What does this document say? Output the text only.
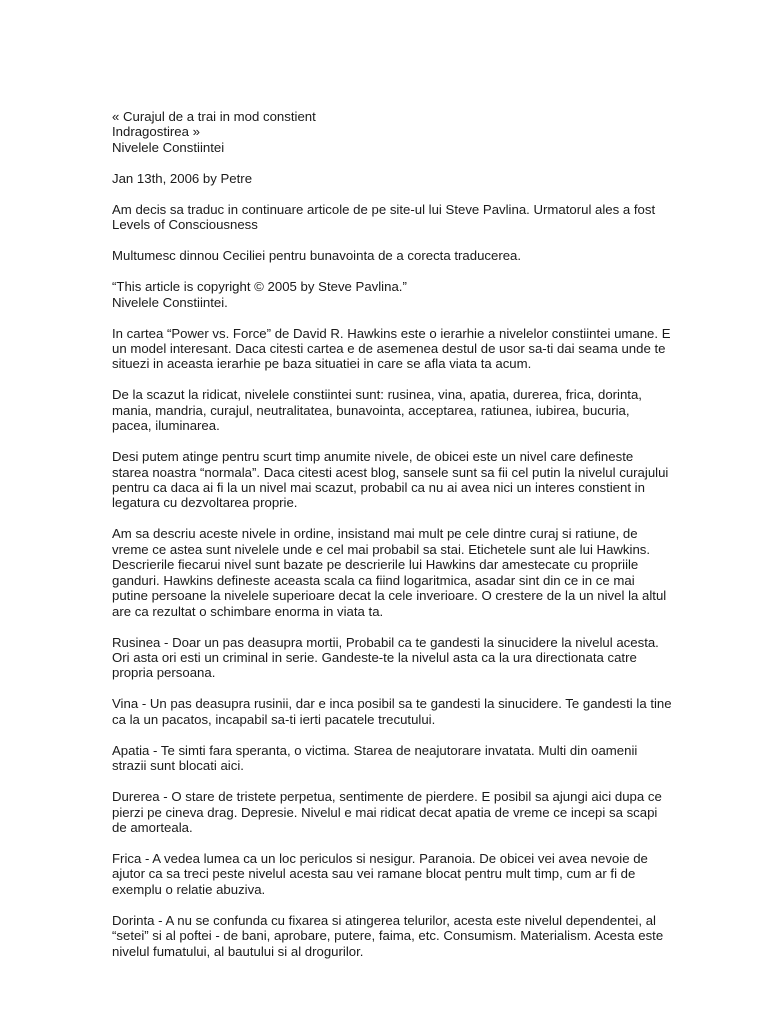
« Curajul de a trai in mod constient
Indragostirea »
Nivelele Constiintei

Jan 13th, 2006 by Petre

Am decis sa traduc in continuare articole de pe site-ul lui Steve Pavlina. Urmatorul ales a fost Levels of Consciousness

Multumesc dinnou Ceciliei pentru bunavointa de a corecta traducerea.

“This article is copyright © 2005 by Steve Pavlina.”
Nivelele Constiintei.

In cartea “Power vs. Force” de David R. Hawkins este o ierarhie a nivelelor constiintei umane. E un model interesant. Daca citesti cartea e de asemenea destul de usor sa-ti dai seama unde te situezi in aceasta ierarhie pe baza situatiei in care se afla viata ta acum.

De la scazut la ridicat, nivelele constiintei sunt: rusinea, vina, apatia, durerea, frica, dorinta, mania, mandria, curajul, neutralitatea, bunavointa, acceptarea, ratiunea, iubirea, bucuria, pacea, iluminarea.

Desi putem atinge pentru scurt timp anumite nivele, de obicei este un nivel care defineste starea noastra “normala”. Daca citesti acest blog, sansele sunt sa fii cel putin la nivelul curajului pentru ca daca ai fi la un nivel mai scazut, probabil ca nu ai avea nici un interes constient in legatura cu dezvoltarea proprie.

Am sa descriu aceste nivele in ordine, insistand mai mult pe cele dintre curaj si ratiune, de vreme ce astea sunt nivelele unde e cel mai probabil sa stai. Etichetele sunt ale lui Hawkins. Descrierile fiecarui nivel sunt bazate pe descrierile lui Hawkins dar amestecate cu propriile ganduri. Hawkins defineste aceasta scala ca fiind logaritmica, asadar sint din ce in ce mai putine persoane la nivelele superioare decat la cele inverioare. O crestere de la un nivel la altul are ca rezultat o schimbare enorma in viata ta.

Rusinea - Doar un pas deasupra mortii, Probabil ca te gandesti la sinucidere la nivelul acesta. Ori asta ori esti un criminal in serie. Gandeste-te la nivelul asta ca la ura directionata catre propria persoana.

Vina - Un pas deasupra rusinii, dar e inca posibil sa te gandesti la sinucidere. Te gandesti la tine ca la un pacatos, incapabil sa-ti ierti pacatele trecutului.

Apatia - Te simti fara speranta, o victima. Starea de neajutorare invatata. Multi din oamenii strazii sunt blocati aici.

Durerea - O stare de tristete perpetua, sentimente de pierdere. E posibil sa ajungi aici dupa ce pierzi pe cineva drag. Depresie. Nivelul e mai ridicat decat apatia de vreme ce incepi sa scapi de amorteala.

Frica - A vedea lumea ca un loc periculos si nesigur. Paranoia. De obicei vei avea nevoie de ajutor ca sa treci peste nivelul acesta sau vei ramane blocat pentru mult timp, cum ar fi de exemplu o relatie abuziva.

Dorinta - A nu se confunda cu fixarea si atingerea telurilor, acesta este nivelul dependentei, al “setei” si al poftei - de bani, aprobare, putere, faima, etc. Consumism. Materialism. Acesta este nivelul fumatului, al bautului si al drogurilor.
